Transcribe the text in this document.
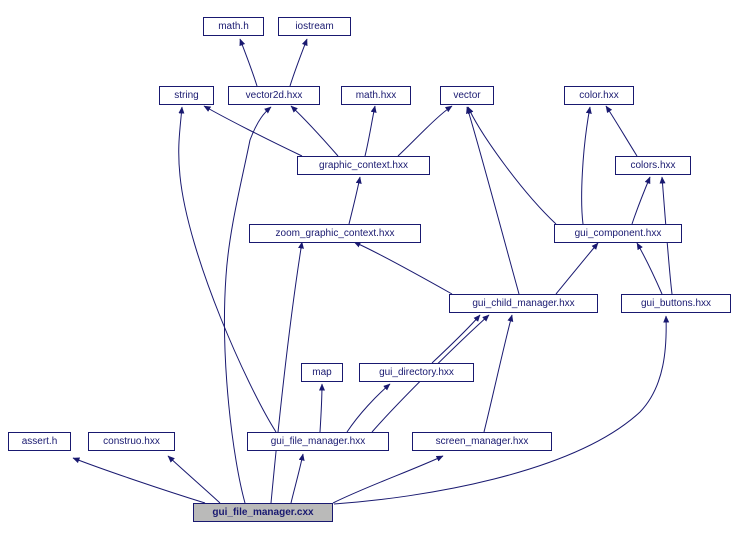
math.h	iostream
string	vector2d.hxx	math.hxx	vector	color.hxx
graphic_context.hxx	colors.hxx
zoom_graphic_context.hxx	gui_component.hxx
gui_child_manager.hxx	gui_buttons.hxx
map	gui_directory.hxx
assert.h	construo.hxx	gui_file_manager.hxx	screen_manager.hxx
gui_file_manager.cxx
